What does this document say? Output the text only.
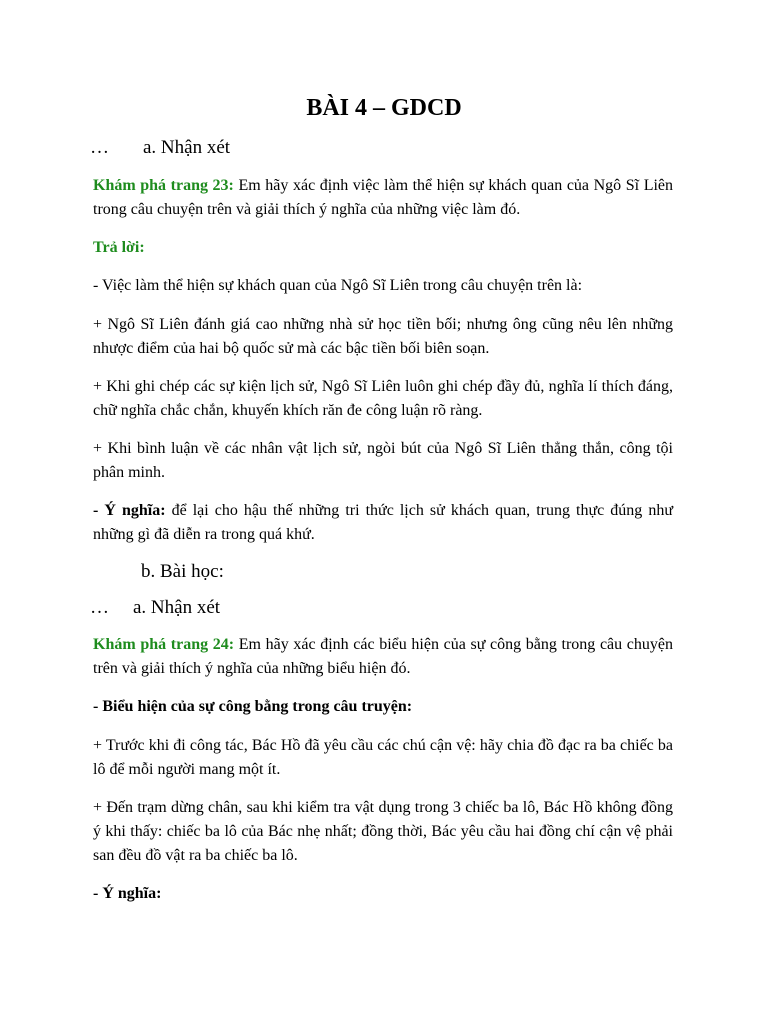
BÀI 4 – GDCD
… a. Nhận xét
Khám phá trang 23: Em hãy xác định việc làm thể hiện sự khách quan của Ngô Sĩ Liên trong câu chuyện trên và giải thích ý nghĩa của những việc làm đó.
Trả lời:
- Việc làm thể hiện sự khách quan của Ngô Sĩ Liên trong câu chuyện trên là:
+ Ngô Sĩ Liên đánh giá cao những nhà sử học tiền bối; nhưng ông cũng nêu lên những nhược điểm của hai bộ quốc sử mà các bậc tiền bối biên soạn.
+ Khi ghi chép các sự kiện lịch sử, Ngô Sĩ Liên luôn ghi chép đầy đủ, nghĩa lí thích đáng, chữ nghĩa chắc chắn, khuyến khích răn đe công luận rõ ràng.
+ Khi bình luận về các nhân vật lịch sử, ngòi bút của Ngô Sĩ Liên thẳng thắn, công tội phân minh.
- Ý nghĩa: để lại cho hậu thế những tri thức lịch sử khách quan, trung thực đúng như những gì đã diễn ra trong quá khứ.
b. Bài học:
… a. Nhận xét
Khám phá trang 24: Em hãy xác định các biểu hiện của sự công bằng trong câu chuyện trên và giải thích ý nghĩa của những biểu hiện đó.
- Biểu hiện của sự công bằng trong câu truyện:
+ Trước khi đi công tác, Bác Hồ đã yêu cầu các chú cận vệ: hãy chia đồ đạc ra ba chiếc ba lô để mỗi người mang một ít.
+ Đến trạm dừng chân, sau khi kiểm tra vật dụng trong 3 chiếc ba lô, Bác Hồ không đồng ý khi thấy: chiếc ba lô của Bác nhẹ nhất; đồng thời, Bác yêu cầu hai đồng chí cận vệ phải san đều đồ vật ra ba chiếc ba lô.
- Ý nghĩa:
